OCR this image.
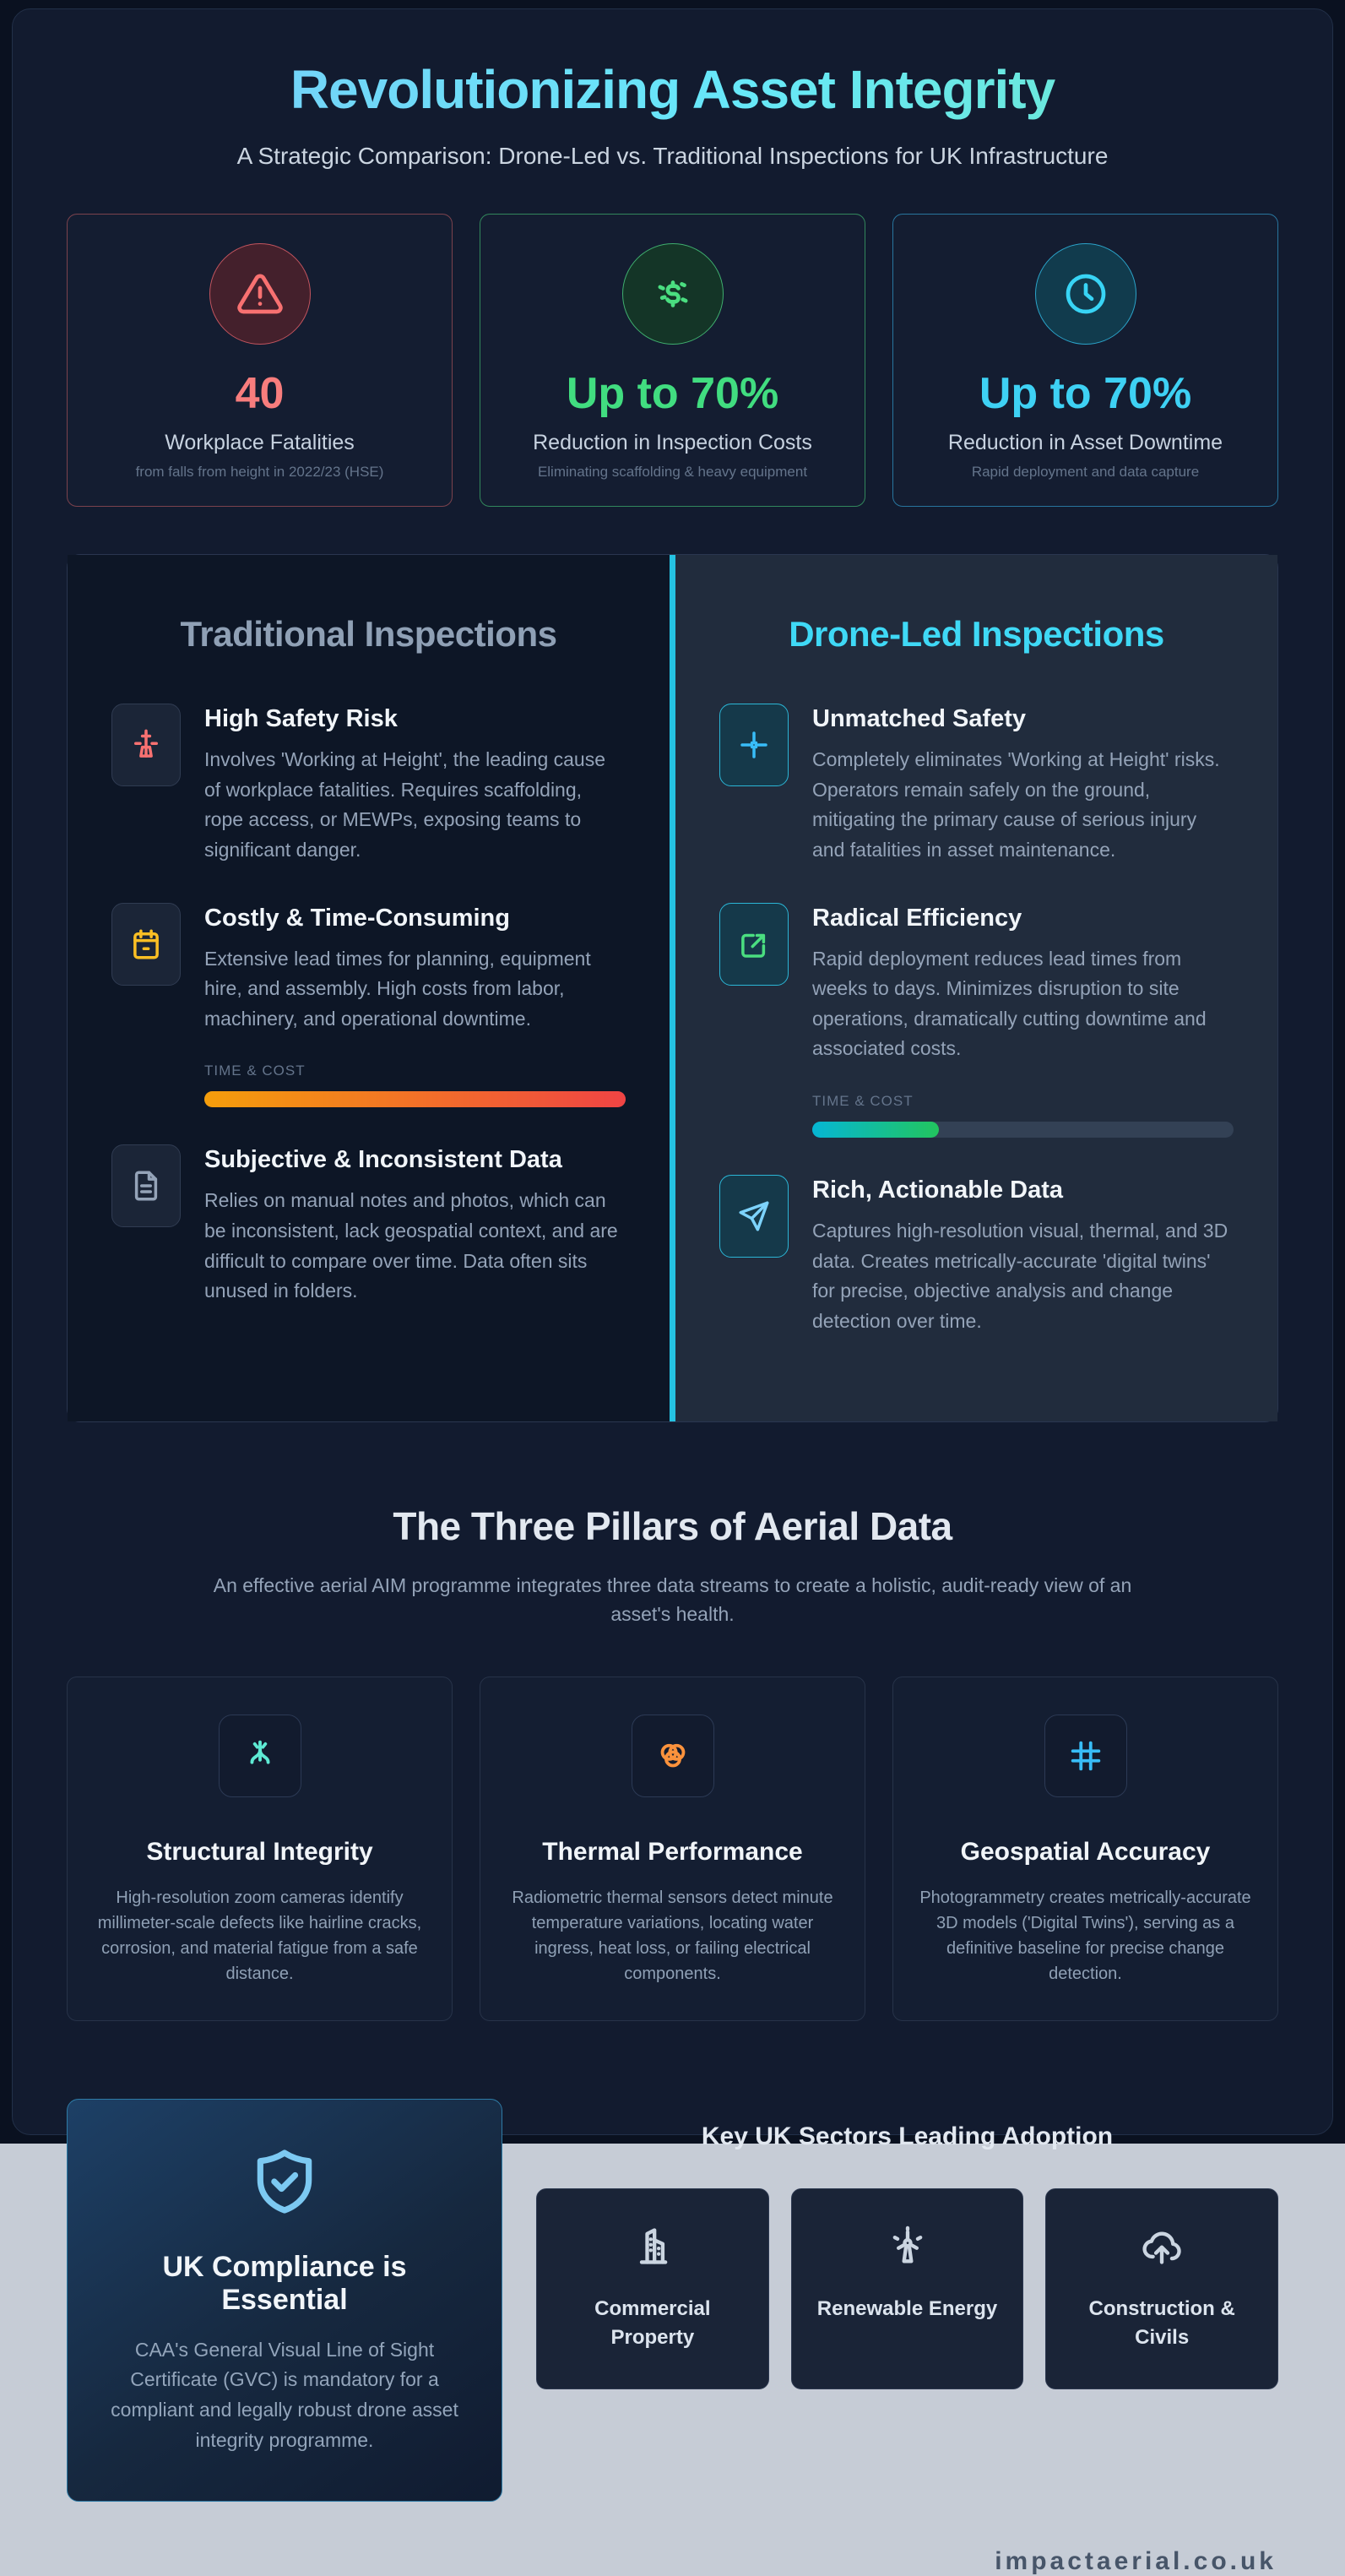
Revolutionizing Asset Integrity
A Strategic Comparison: Drone-Led vs. Traditional Inspections for UK Infrastructure
40
Workplace Fatalities
from falls from height in 2022/23 (HSE)
Up to 70%
Reduction in Inspection Costs
Eliminating scaffolding & heavy equipment
Up to 70%
Reduction in Asset Downtime
Rapid deployment and data capture
Traditional Inspections
High Safety Risk

Involves 'Working at Height', the leading cause of workplace fatalities. Requires scaffolding, rope access, or MEWPs, exposing teams to significant danger.

Costly & Time-Consuming

Extensive lead times for planning, equipment hire, and assembly. High costs from labor, machinery, and operational downtime.

TIME & COST
Subjective & Inconsistent Data

Relies on manual notes and photos, which can be inconsistent, lack geospatial context, and are difficult to compare over time. Data often sits unused in folders.

Drone-Led Inspections
Unmatched Safety

Completely eliminates 'Working at Height' risks. Operators remain safely on the ground, mitigating the primary cause of serious injury and fatalities in asset maintenance.

Radical Efficiency

Rapid deployment reduces lead times from weeks to days. Minimizes disruption to site operations, dramatically cutting downtime and associated costs.

TIME & COST
Rich, Actionable Data

Captures high-resolution visual, thermal, and 3D data. Creates metrically-accurate 'digital twins' for precise, objective analysis and change detection over time.

The Three Pillars of Aerial Data
An effective aerial AIM programme integrates three data streams to create a holistic, audit-ready view of an asset's health.
Structural Integrity
High-resolution zoom cameras identify millimeter-scale defects like hairline cracks, corrosion, and material fatigue from a safe distance.
Thermal Performance
Radiometric thermal sensors detect minute temperature variations, locating water ingress, heat loss, or failing electrical components.
Geospatial Accuracy
Photogrammetry creates metrically-accurate 3D models ('Digital Twins'), serving as a definitive baseline for precise change detection.
UK Compliance is Essential
CAA's General Visual Line of Sight Certificate (GVC) is mandatory for a compliant and legally robust drone asset integrity programme.
Key UK Sectors Leading Adoption
Commercial Property
Renewable Energy	Construction & Civils
impactaerial.co.uk
